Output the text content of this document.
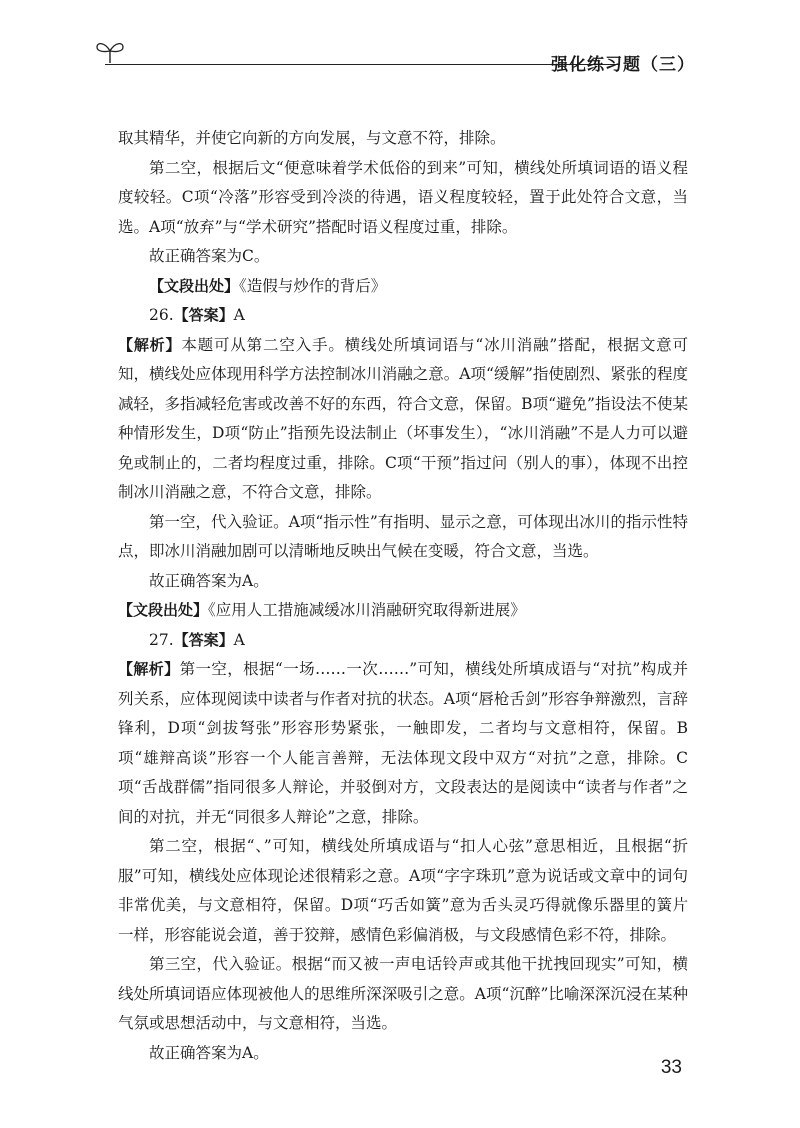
强化练习题（三）

取其精华，并使它向新的方向发展，与文意不符，排除。

第二空，根据后文“便意味着学术低俗的到来”可知，横线处所填词语的语义程度较轻。C项“冷落”形容受到冷淡的待遇，语义程度较轻，置于此处符合文意，当选。A项“放弃”与“学术研究”搭配时语义程度过重，排除。

故正确答案为C。

【文段出处】《造假与炒作的背后》

26.【答案】A

【解析】本题可从第二空入手。横线处所填词语与“冰川消融”搭配，根据文意可知，横线处应体现用科学方法控制冰川消融之意。A项“缓解”指使剧烈、紧张的程度减轻，多指减轻危害或改善不好的东西，符合文意，保留。B项“避免”指设法不使某种情形发生，D项“防止”指预先设法制止（坏事发生），“冰川消融”不是人力可以避免或制止的，二者均程度过重，排除。C项“干预”指过问（别人的事），体现不出控制冰川消融之意，不符合文意，排除。

第一空，代入验证。A项“指示性”有指明、显示之意，可体现出冰川的指示性特点，即冰川消融加剧可以清晰地反映出气候在变暖，符合文意，当选。

故正确答案为A。

【文段出处】《应用人工措施减缓冰川消融研究取得新进展》

27.【答案】A

【解析】第一空，根据“一场……一次……”可知，横线处所填成语与“对抗”构成并列关系，应体现阅读中读者与作者对抗的状态。A项“唇枪舌剑”形容争辩激烈，言辞锋利，D项“剑拔弩张”形容形势紧张，一触即发，二者均与文意相符，保留。B项“雄辩高谈”形容一个人能言善辩，无法体现文段中双方“对抗”之意，排除。C项“舌战群儒”指同很多人辩论，并驳倒对方，文段表达的是阅读中“读者与作者”之间的对抗，并无“同很多人辩论”之意，排除。

第二空，根据“、”可知，横线处所填成语与“扣人心弦”意思相近，且根据“折服”可知，横线处应体现论述很精彩之意。A项“字字珠玑”意为说话或文章中的词句非常优美，与文意相符，保留。D项“巧舌如簧”意为舌头灵巧得就像乐器里的簧片一样，形容能说会道，善于狡辩，感情色彩偏消极，与文段感情色彩不符，排除。

第三空，代入验证。根据“而又被一声电话铃声或其他干扰拽回现实”可知，横线处所填词语应体现被他人的思维所深深吸引之意。A项“沉醉”比喻深深沉浸在某种气氛或思想活动中，与文意相符，当选。

故正确答案为A。

33
